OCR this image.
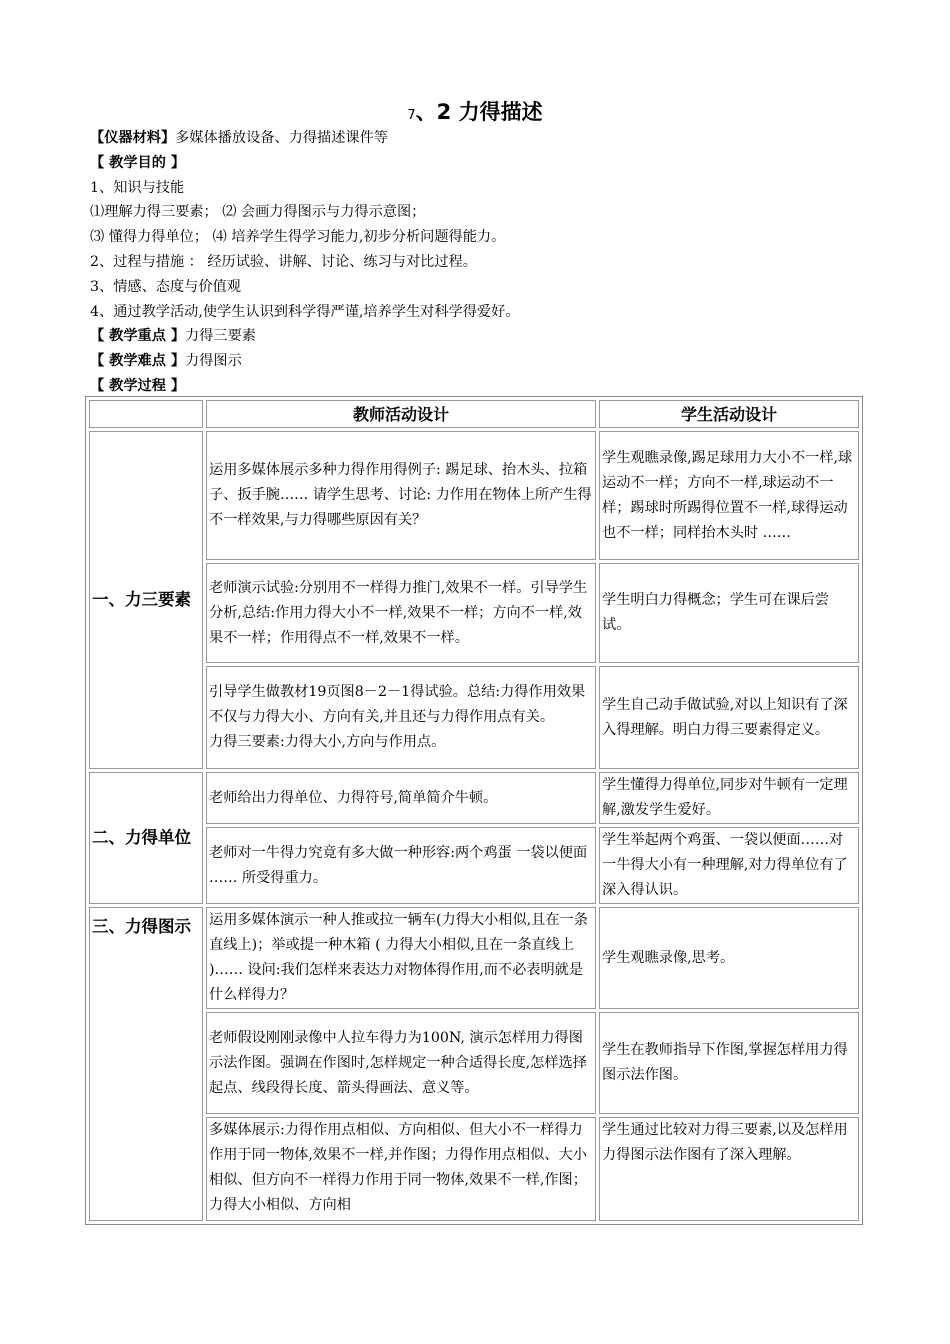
7、2 力得描述
【仪器材料】多媒体播放设备、力得描述课件等
【 教学目的 】
1、知识与技能
⑴理解力得三要素； ⑵ 会画力得图示与力得示意图；
⑶ 懂得力得单位； ⑷ 培养学生得学习能力,初步分析问题得能力。
2、过程与措施 ： 经历试验、讲解、讨论、练习与对比过程。
3、情感、态度与价值观
4、通过教学活动,使学生认识到科学得严谨,培养学生对科学得爱好。
【 教学重点 】力得三要素
【 教学难点 】力得图示
【 教学过程 】
	教师活动设计	学生活动设计
一、力三要素	运用多媒体展示多种力得作用得例子: 踢足球、抬木头、拉箱子、扳手腕…… 请学生思考、讨论: 力作用在物体上所产生得不一样效果,与力得哪些原因有关？	学生观瞧录像,踢足球用力大小不一样,球运动不一样；方向不一样,球运动不一样；踢球时所踢得位置不一样,球得运动也不一样；同样抬木头时 ……
	老师演示试验:分别用不一样得力推门,效果不一样。引导学生分析,总结:作用力得大小不一样,效果不一样；方向不一样,效果不一样；作用得点不一样,效果不一样。	学生明白力得概念；学生可在课后尝试。
	引导学生做教材19页图8－2－1得试验。总结:力得作用效果不仅与力得大小、方向有关,并且还与力得作用点有关。
力得三要素:力得大小,方向与作用点。	学生自己动手做试验,对以上知识有了深入得理解。明白力得三要素得定义。
二、力得单位	老师给出力得单位、力得符号,简单简介牛顿。	学生懂得力得单位,同步对牛顿有一定理解,激发学生爱好。
	老师对一牛得力究竟有多大做一种形容:两个鸡蛋 一袋以便面 …… 所受得重力。	学生举起两个鸡蛋、一袋以便面……对一牛得大小有一种理解,对力得单位有了深入得认识。
三、力得图示	运用多媒体演示一种人推或拉一辆车(力得大小相似,且在一条直线上)；举或提一种木箱 ( 力得大小相似,且在一条直线上 )…… 设问:我们怎样来表达力对物体得作用,而不必表明就是什么样得力？	学生观瞧录像,思考。
	老师假设刚刚录像中人拉车得力为100N, 演示怎样用力得图示法作图。强调在作图时,怎样规定一种合适得长度,怎样选择起点、线段得长度、箭头得画法、意义等。	学生在教师指导下作图,掌握怎样用力得图示法作图。
	多媒体展示:力得作用点相似、方向相似、但大小不一样得力作用于同一物体,效果不一样,并作图；力得作用点相似、大小相似、但方向不一样得力作用于同一物体,效果不一样,作图；力得大小相似、方向相	学生通过比较对力得三要素,以及怎样用力得图示法作图有了深入理解。
